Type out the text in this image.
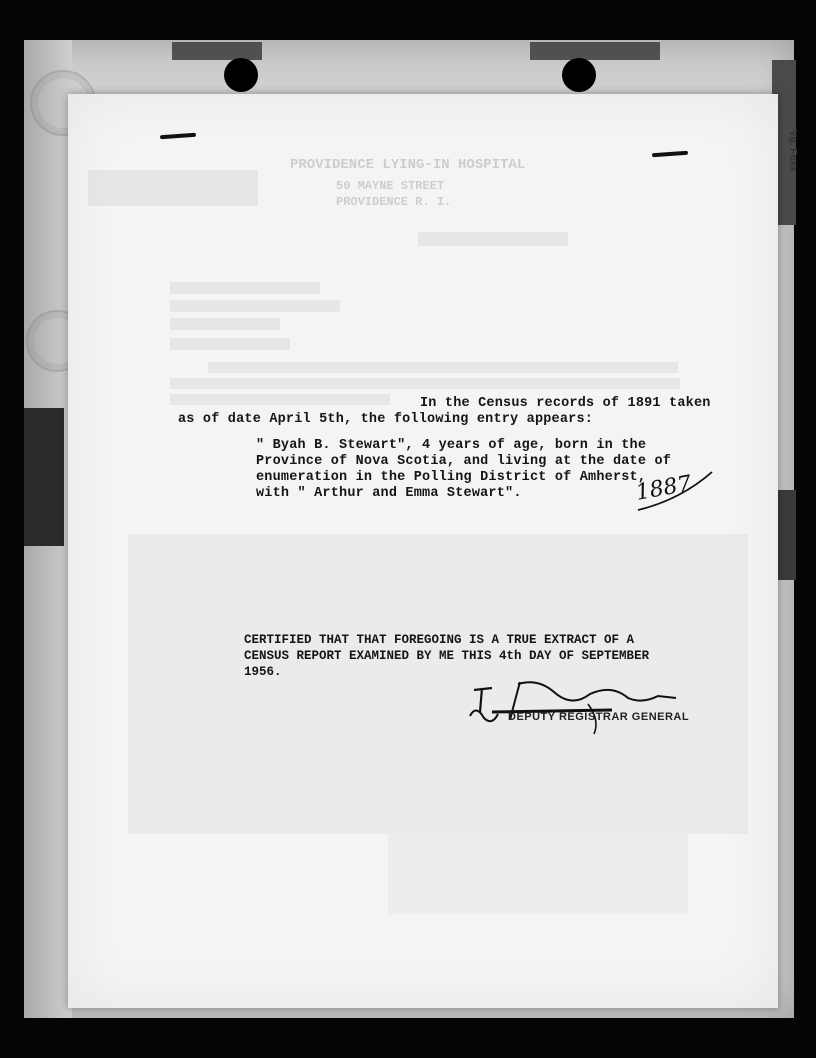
Vg. Foss
PROVIDENCE LYING-IN HOSPITAL
50 MAYNE STREET
PROVIDENCE R. I.
In the Census records of 1891 taken
as of date April 5th, the following entry appears:
" Byah B. Stewart", 4 years of age, born in the
Province of Nova Scotia, and living at the date of
enumeration in the Polling District of Amherst,
with " Arthur and Emma Stewart".	1887
CERTIFIED THAT THAT FOREGOING IS A TRUE EXTRACT OF A
CENSUS REPORT EXAMINED BY ME THIS 4th DAY OF SEPTEMBER
1956.
DEPUTY REGISTRAR GENERAL
